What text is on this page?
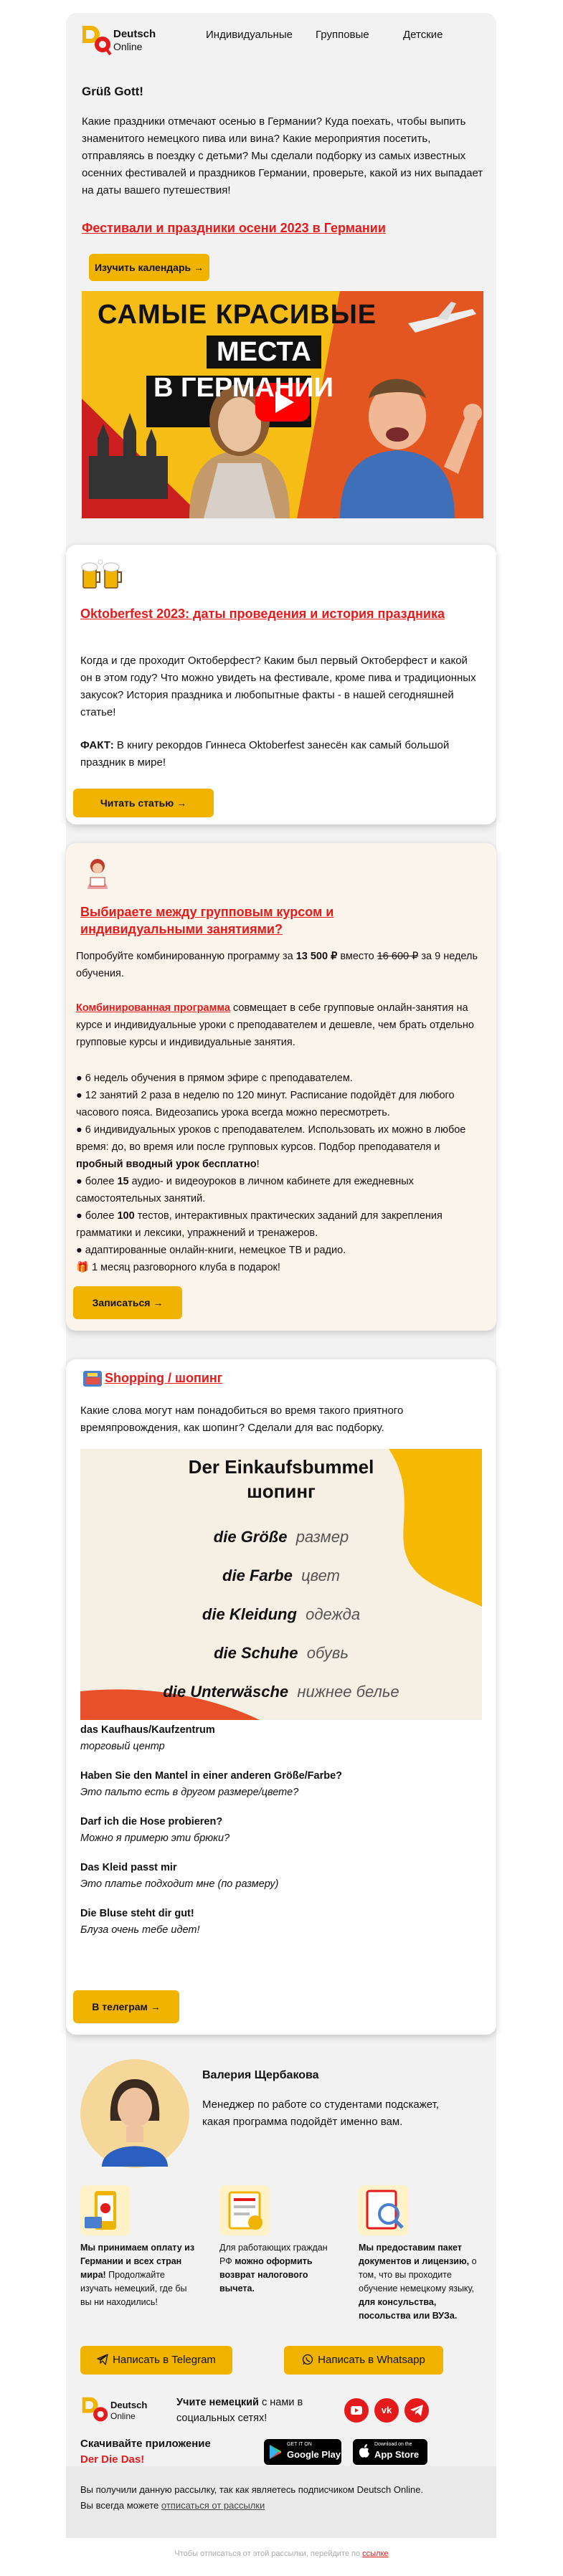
Deutsch
Online
Индивидуальные Групповые	Детские
Grüß Gott!

Какие праздники отмечают осенью в Германии? Куда поехать, чтобы выпить знаменитого немецкого пива или вина? Какие мероприятия посетить, отправляясь в поездку с детьми? Мы сделали подборку из самых известных осенних фестивалей и праздников Германии, проверьте, какой из них выпадает на даты вашего путешествия!

Фестивали и праздники осени 2023 в Германии
Изучить календарь →
САМЫЕ КРАСИВЫЕ
МЕСТА
В ГЕРМАНИИ
Oktoberfest 2023: даты проведения и история праздника

Когда и где проходит Октоберфест? Каким был первый Октоберфест и какой он в этом году? Что можно увидеть на фестивале, кроме пива и традиционных закусок? История праздника и любопытные факты - в нашей сегодняшней статье!

ФАКТ: В книгу рекордов Гиннеса Oktoberfest занесён как самый большой праздник в мире!

Читать статью →
Выбираете между групповым курсом и индивидуальными занятиями?

Попробуйте комбинированную программу за 13 500 ₽ вместо 16 600 ₽ за 9 недель обучения.

Комбинированная программа совмещает в себе групповые онлайн-занятия на курсе и индивидуальные уроки с преподавателем и дешевле, чем брать отдельно групповые курсы и индивидуальные занятия.

● 6 недель обучения в прямом эфире с преподавателем.
● 12 занятий 2 раза в неделю по 120 минут. Расписание подойдёт для любого часового пояса. Видеозапись урока всегда можно пересмотреть.
● 6 индивидуальных уроков с преподавателем. Использовать их можно в любое время: до, во время или после групповых курсов. Подбор преподавателя и пробный вводный урок бесплатно!
● более 15 аудио- и видеоуроков в личном кабинете для ежедневных самостоятельных занятий.
● более 100 тестов, интерактивных практических заданий для закрепления грамматики и лексики, упражнений и тренажеров.
● адаптированные онлайн-книги, немецкое ТВ и радио.
🎁 1 месяц разговорного клуба в подарок!
Записаться →
Shopping / шопинг

Какие слова могут нам понадобиться во время такого приятного времяпровождения, как шопинг? Сделали для вас подборку.

Der Einkaufsbummel
шопинг
die Größe размер
die Farbe цвет
die Kleidung одежда
die Schuhe обувь
die Unterwäsche нижнее белье
das Kaufhaus/Kaufzentrum
торговый центр
Haben Sie den Mantel in einer anderen Größe/Farbe?
Это пальто есть в другом размере/цвете?
Darf ich die Hose probieren?
Можно я примерю эти брюки?
Das Kleid passt mir
Это платье подходит мне (по размеру)
Die Bluse steht dir gut!
Блуза очень тебе идет!
В телеграм →
Валерия Щербакова

Менеджер по работе со студентами подскажет, какая программа подойдёт именно вам.

Мы принимаем оплату из Германии и всех стран мира! Продолжайте изучать немецкий, где бы вы ни находились!

Для работающих граждан РФ можно оформить возврат налогового вычета.

Мы предоставим пакет документов и лицензию, о том, что вы проходите обучение немецкому языку, для консульства, посольства или ВУЗа.

Написать в Telegram	Написать в Whatsapp
Deutsch
Online

Учите немецкий с нами в социальных сетях!

vk
Скачивайте приложение
Der Die Das!
GET IT ON
Google Play
Download on the
App Store

Вы получили данную рассылку, так как являетесь подписчиком Deutsch Online.
Вы всегда можете отписаться от рассылки

Чтобы отписаться от этой рассылки, перейдите по ссылке
